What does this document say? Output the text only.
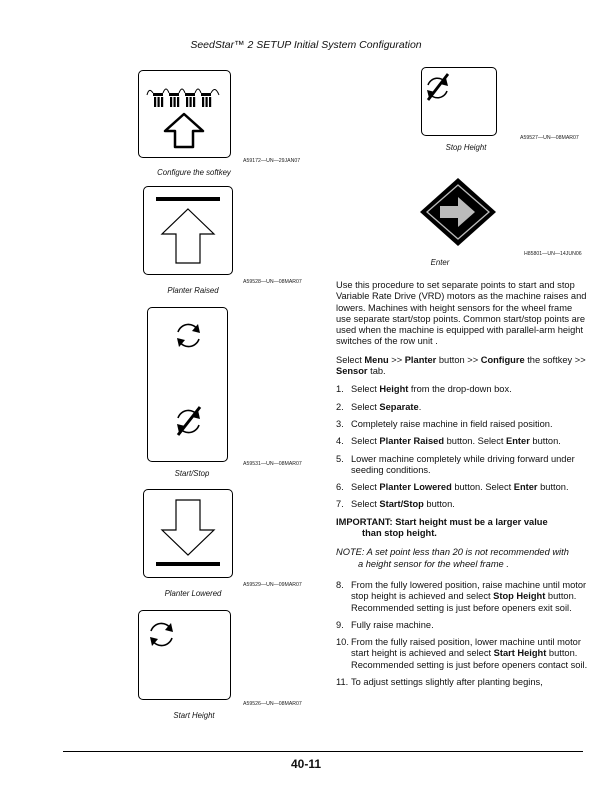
SeedStar™ 2 SETUP Initial System Configuration
A59172—UN—29JAN07
Configure the softkey
A59528—UN—08MAR07
Planter Raised
A59531—UN—08MAR07
Start/Stop
A59529—UN—09MAR07
Planter Lowered
A59526—UN—08MAR07
Start Height
A59527—UN—08MAR07
Stop Height
H85801—UN—14JUN06
Enter

Use this procedure to set separate points to start and stop Variable Rate Drive (VRD) motors as the machine raises and lowers. Machines with height sensors for the wheel frame use separate start/stop points. Common start/stop points are used when the machine is equipped with parallel-arm height switches of the row unit .

Select Menu >> Planter button >> Configure the softkey >> Sensor tab.

1. Select Height from the drop-down box.
2. Select Separate.
3. Completely raise machine in field raised position.
4. Select Planter Raised button. Select Enter button.
5. Lower machine completely while driving forward under seeding conditions.
6. Select Planter Lowered button. Select Enter button.
7. Select Start/Stop button.
IMPORTANT: Start height must be a larger value
than stop height.
NOTE: A set point less than 20 is not recommended with
a height sensor for the wheel frame .
8. From the fully lowered position, raise machine until motor stop height is achieved and select Stop Height button. Recommended setting is just before openers exit soil.
9. Fully raise machine.
10. From the fully raised position, lower machine until motor start height is achieved and select Start Height button. Recommended setting is just before openers contact soil.
11. To adjust settings slightly after planting begins,
40-11
